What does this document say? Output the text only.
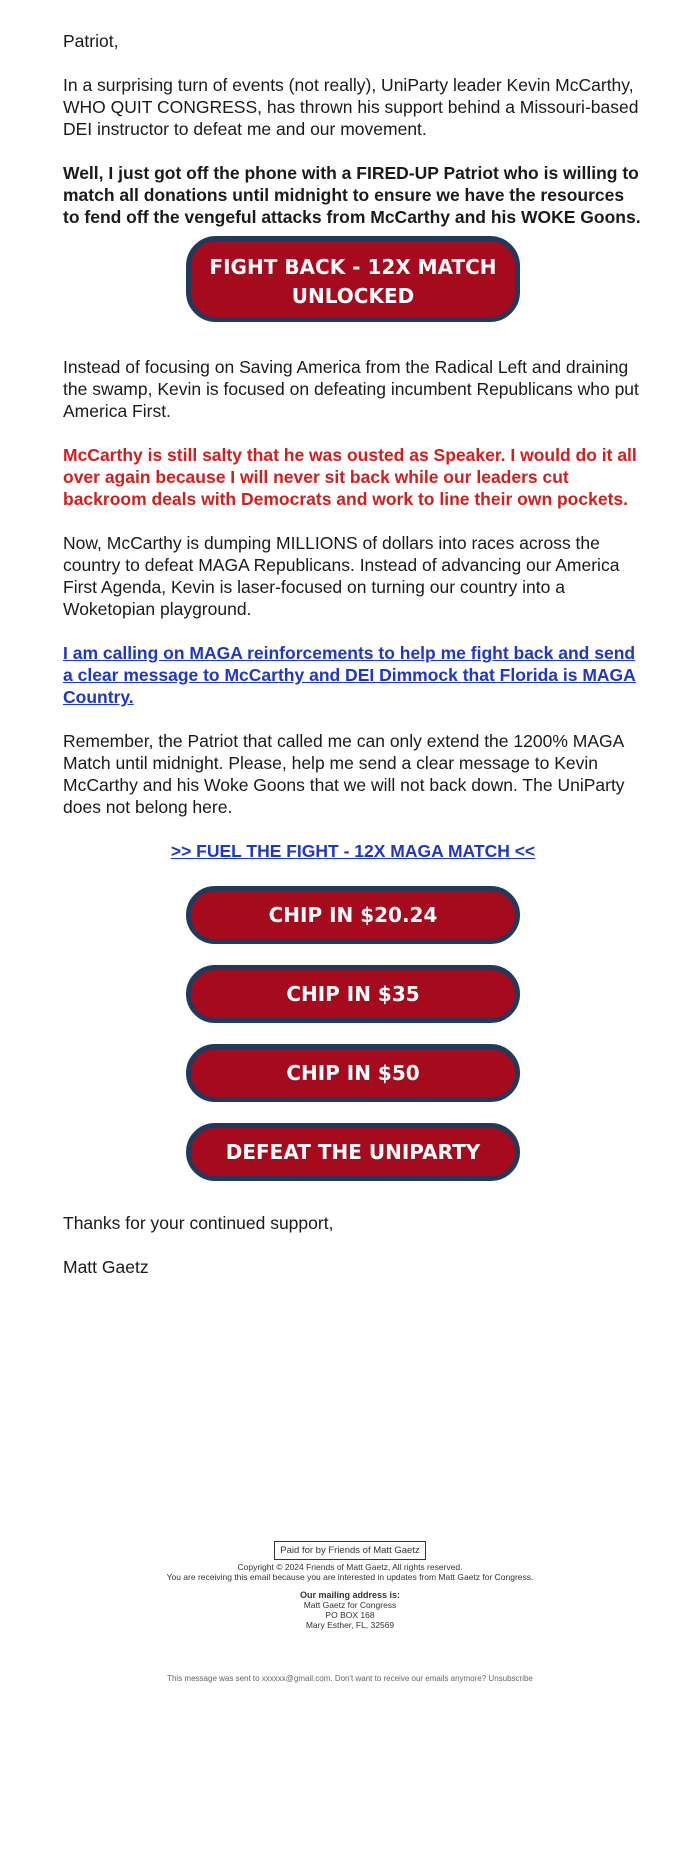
Patriot,

In a surprising turn of events (not really), UniParty leader Kevin McCarthy, WHO QUIT CONGRESS, has thrown his support behind a Missouri-based DEI instructor to defeat me and our movement.

Well, I just got off the phone with a FIRED-UP Patriot who is willing to match all donations until midnight to ensure we have the resources to fend off the vengeful attacks from McCarthy and his WOKE Goons.

FIGHT BACK - 12X MATCH
UNLOCKED

Instead of focusing on Saving America from the Radical Left and draining the swamp, Kevin is focused on defeating incumbent Republicans who put America First.

McCarthy is still salty that he was ousted as Speaker. I would do it all over again because I will never sit back while our leaders cut backroom deals with Democrats and work to line their own pockets.

Now, McCarthy is dumping MILLIONS of dollars into races across the country to defeat MAGA Republicans. Instead of advancing our America First Agenda, Kevin is laser-focused on turning our country into a Woketopian playground.

I am calling on MAGA reinforcements to help me fight back and send a clear message to McCarthy and DEI Dimmock that Florida is MAGA Country.

Remember, the Patriot that called me can only extend the 1200% MAGA Match until midnight. Please, help me send a clear message to Kevin McCarthy and his Woke Goons that we will not back down. The UniParty does not belong here.

>> FUEL THE FIGHT - 12X MAGA MATCH <<

CHIP IN $20.24
CHIP IN $35
CHIP IN $50
DEFEAT THE UNIPARTY

Thanks for your continued support,

Matt Gaetz

Paid for by Friends of Matt Gaetz
Copyright © 2024 Friends of Matt Gaetz, All rights reserved.
You are receiving this email because you are interested in updates from Matt Gaetz for Congress.
Our mailing address is:
Matt Gaetz for Congress
PO BOX 168
Mary Esther, FL, 32569
This message was sent to xxxxxx@gmail.com. Don't want to receive our emails anymore? Unsubscribe
